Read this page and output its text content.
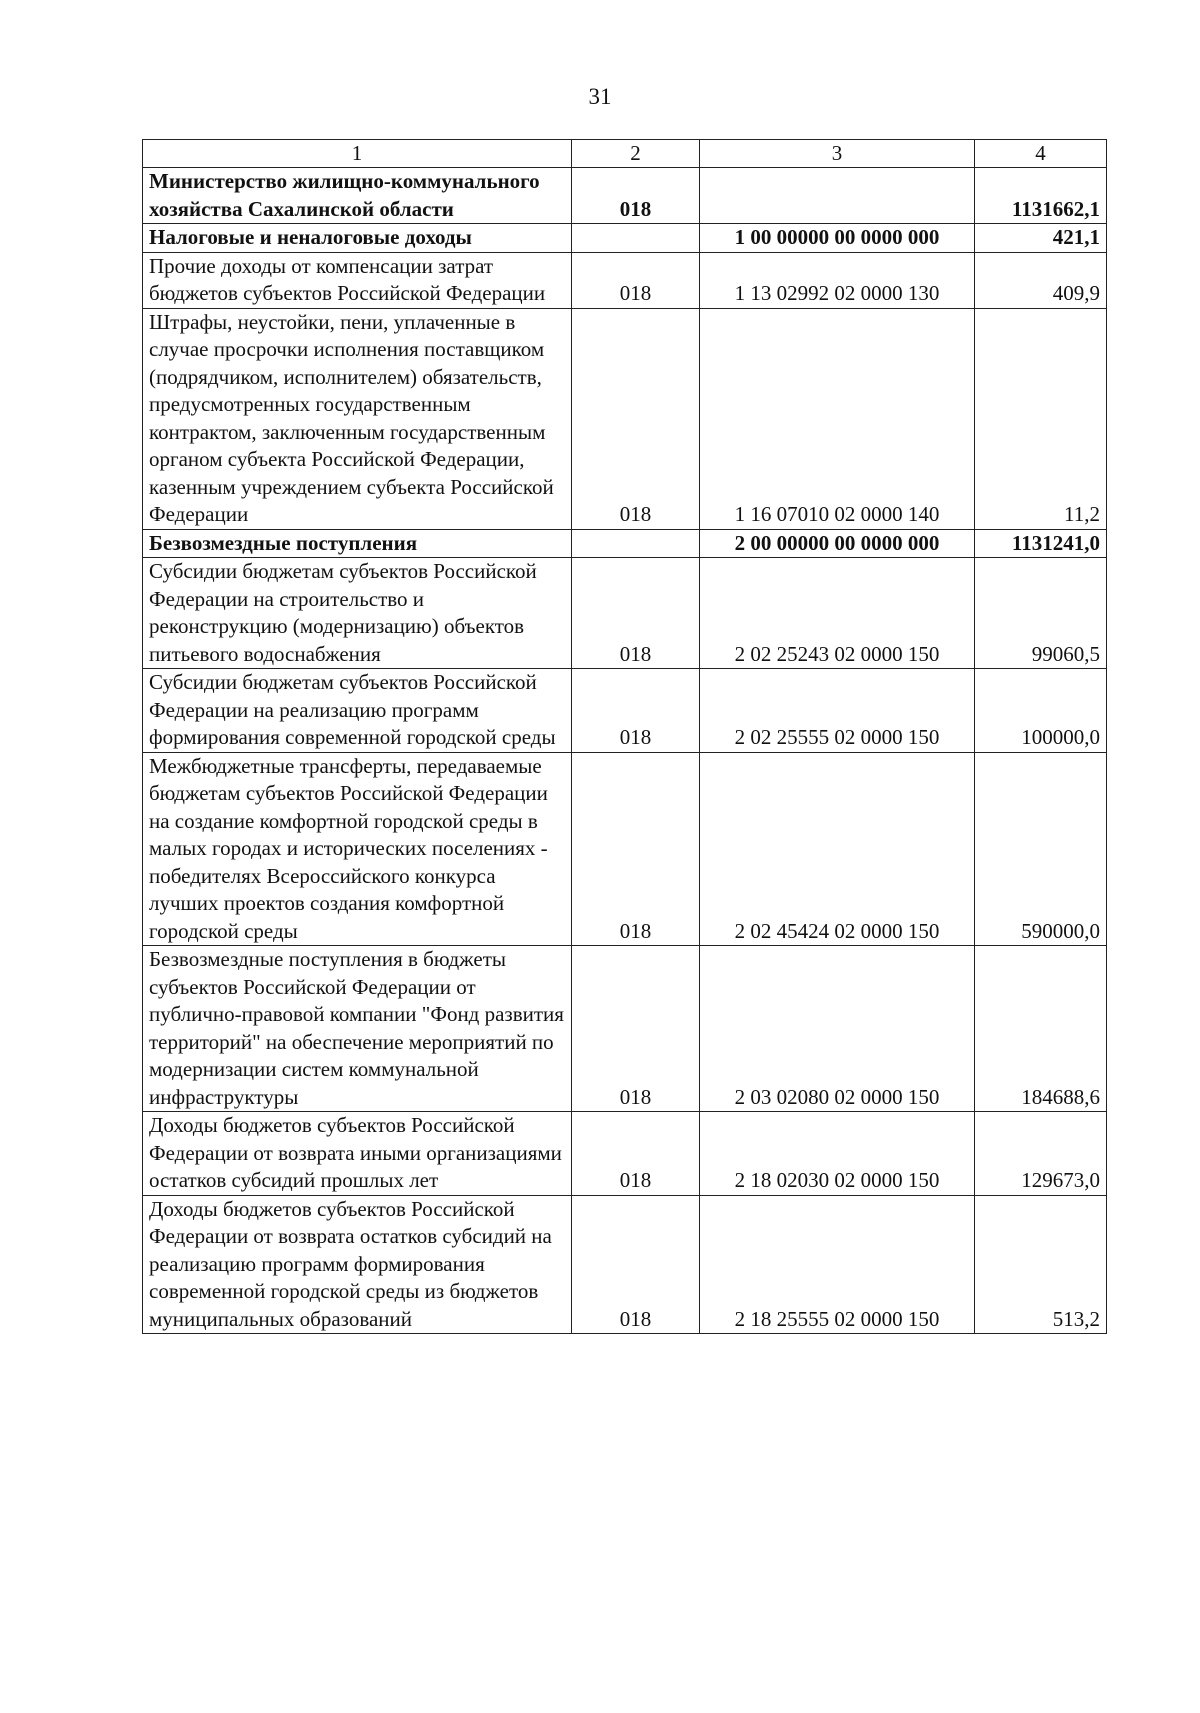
31
1	2	3	4
Министерство жилищно-коммунального хозяйства Сахалинской области	018		1131662,1
Налоговые и неналоговые доходы		1 00 00000 00 0000 000	421,1
Прочие доходы от компенсации затрат бюджетов субъектов Российской Федерации	018	1 13 02992 02 0000 130	409,9
Штрафы, неустойки, пени, уплаченные в случае просрочки исполнения поставщиком (подрядчиком, исполнителем) обязательств, предусмотренных государственным контрактом, заключенным государственным органом субъекта Российской Федерации, казенным учреждением субъекта Российской Федерации	018	1 16 07010 02 0000 140	11,2
Безвозмездные поступления		2 00 00000 00 0000 000	1131241,0
Субсидии бюджетам субъектов Российской Федерации на строительство и реконструкцию (модернизацию) объектов питьевого водоснабжения	018	2 02 25243 02 0000 150	99060,5
Субсидии бюджетам субъектов Российской Федерации на реализацию программ формирования современной городской среды	018	2 02 25555 02 0000 150	100000,0
Межбюджетные трансферты, передаваемые бюджетам субъектов Российской Федерации на создание комфортной городской среды в малых городах и исторических поселениях - победителях Всероссийского конкурса лучших проектов создания комфортной городской среды	018	2 02 45424 02 0000 150	590000,0
Безвозмездные поступления в бюджеты субъектов Российской Федерации от публично-правовой компании "Фонд развития территорий" на обеспечение мероприятий по модернизации систем коммунальной инфраструктуры	018	2 03 02080 02 0000 150	184688,6
Доходы бюджетов субъектов Российской Федерации от возврата иными организациями остатков субсидий прошлых лет	018	2 18 02030 02 0000 150	129673,0
Доходы бюджетов субъектов Российской Федерации от возврата остатков субсидий на реализацию программ формирования современной городской среды из бюджетов муниципальных образований	018	2 18 25555 02 0000 150	513,2
